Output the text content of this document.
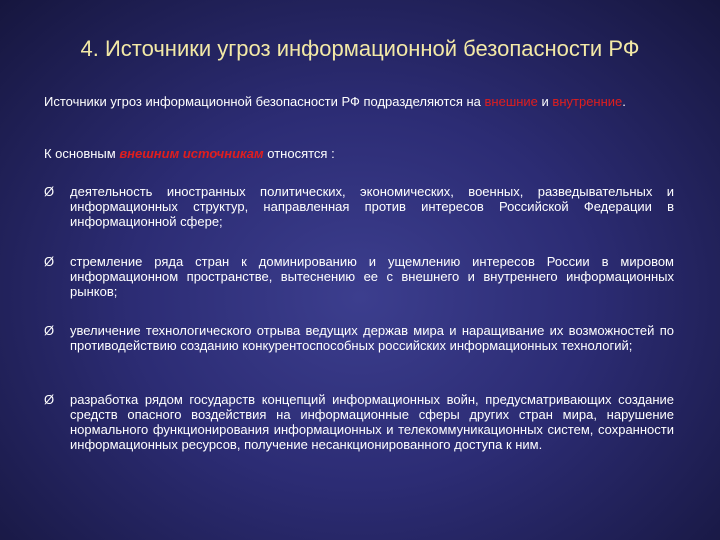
4. Источники угроз информационной безопасности РФ
Источники угроз информационной безопасности РФ подразделяются на внешние и внутренние.
К основным внешним источникам относятся :
Ø	деятельность иностранных политических, экономических, военных, разведывательных и информационных структур, направленная против интересов Российской Федерации в информационной сфере;
Ø	стремление ряда стран к доминированию и ущемлению интересов России в мировом информационном пространстве, вытеснению ее с внешнего и внутреннего информационных рынков;
Ø	увеличение технологического отрыва ведущих держав мира и наращивание их возможностей по противодействию созданию конкурентоспособных российских информационных технологий;
Ø	разработка рядом государств концепций информационных войн, предусматривающих создание средств опасного воздействия на информационные сферы других стран мира, нарушение нормального функционирования информационных и телекоммуникационных систем, сохранности информационных ресурсов, получение несанкционированного доступа к ним.
